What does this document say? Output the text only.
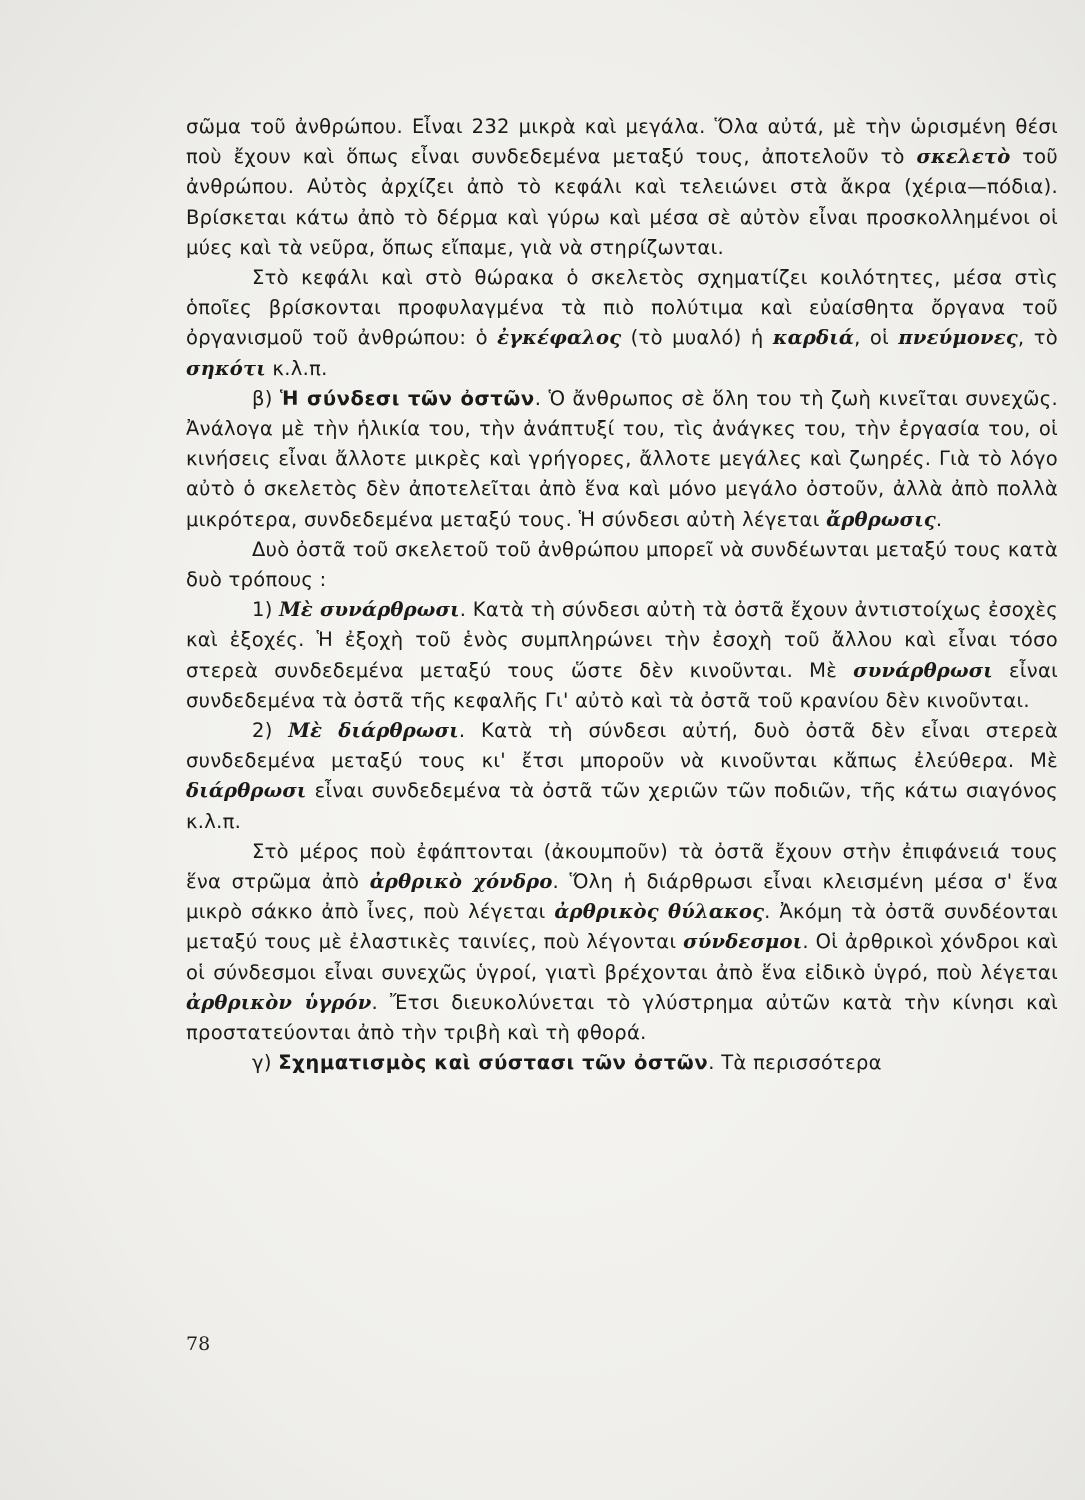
σῶμα τοῦ ἀνθρώπου. Εἶναι 232 μικρὰ καὶ μεγάλα. Ὅλα αὐτά, μὲ τὴν ὡρισμένη θέσι ποὺ ἔχουν καὶ ὅπως εἶναι συνδεδεμένα μεταξύ τους, ἀποτελοῦν τὸ σκελετὸ τοῦ ἀνθρώπου. Αὐτὸς ἀρχίζει ἀπὸ τὸ κεφάλι καὶ τελειώνει στὰ ἄκρα (χέρια—πόδια). Βρίσκεται κάτω ἀπὸ τὸ δέρμα καὶ γύρω καὶ μέσα σὲ αὐτὸν εἶναι προσκολλημένοι οἱ μύες καὶ τὰ νεῦρα, ὅπως εἴπαμε, γιὰ νὰ στηρίζωνται.

Στὸ κεφάλι καὶ στὸ θώρακα ὁ σκελετὸς σχηματίζει κοιλότητες, μέσα στὶς ὁποῖες βρίσκονται προφυλαγμένα τὰ πιὸ πολύτιμα καὶ εὐαίσθητα ὄργανα τοῦ ὀργανισμοῦ τοῦ ἀνθρώπου: ὁ ἐγκέφαλος (τὸ μυαλό) ἡ καρδιά, οἱ πνεύμονες, τὸ σηκότι κ.λ.π.

β) Ἡ σύνδεσι τῶν ὀστῶν. Ὁ ἄνθρωπος σὲ ὅλη του τὴ ζωὴ κινεῖται συνεχῶς. Ἀνάλογα μὲ τὴν ἡλικία του, τὴν ἀνάπτυξί του, τὶς ἀνάγκες του, τὴν ἐργασία του, οἱ κινήσεις εἶναι ἄλλοτε μικρὲς καὶ γρήγορες, ἄλλοτε μεγάλες καὶ ζωηρές. Γιὰ τὸ λόγο αὐτὸ ὁ σκελετὸς δὲν ἀποτελεῖται ἀπὸ ἕνα καὶ μόνο μεγάλο ὀστοῦν, ἀλλὰ ἀπὸ πολλὰ μικρότερα, συνδεδεμένα μεταξύ τους. Ἡ σύνδεσι αὐτὴ λέγεται ἄρθρωσις.

Δυὸ ὀστᾶ τοῦ σκελετοῦ τοῦ ἀνθρώπου μπορεῖ νὰ συνδέωνται μεταξύ τους κατὰ δυὸ τρόπους :

1) Μὲ συνάρθρωσι. Κατὰ τὴ σύνδεσι αὐτὴ τὰ ὀστᾶ ἔχουν ἀντιστοίχως ἐσοχὲς καὶ ἐξοχές. Ἡ ἐξοχὴ τοῦ ἑνὸς συμπληρώνει τὴν ἐσοχὴ τοῦ ἄλλου καὶ εἶναι τόσο στερεὰ συνδεδεμένα μεταξύ τους ὥστε δὲν κινοῦνται. Μὲ συνάρθρωσι εἶναι συνδεδεμένα τὰ ὀστᾶ τῆς κεφαλῆς Γι' αὐτὸ καὶ τὰ ὀστᾶ τοῦ κρανίου δὲν κινοῦνται.

2) Μὲ διάρθρωσι. Κατὰ τὴ σύνδεσι αὐτή, δυὸ ὀστᾶ δὲν εἶναι στερεὰ συνδεδεμένα μεταξύ τους κι' ἔτσι μποροῦν νὰ κινοῦνται κἄπως ἐλεύθερα. Μὲ διάρθρωσι εἶναι συνδεδεμένα τὰ ὀστᾶ τῶν χεριῶν τῶν ποδιῶν, τῆς κάτω σιαγόνος κ.λ.π.

Στὸ μέρος ποὺ ἐφάπτονται (ἀκουμποῦν) τὰ ὀστᾶ ἔχουν στὴν ἐπιφάνειά τους ἕνα στρῶμα ἀπὸ ἀρθρικὸ χόνδρο. Ὅλη ἡ διάρθρωσι εἶναι κλεισμένη μέσα σ' ἕνα μικρὸ σάκκο ἀπὸ ἶνες, ποὺ λέγεται ἀρθρικὸς θύλακος. Ἀκόμη τὰ ὀστᾶ συνδέονται μεταξύ τους μὲ ἐλαστικὲς ταινίες, ποὺ λέγονται σύνδεσμοι. Οἱ ἀρθρικοὶ χόνδροι καὶ οἱ σύνδεσμοι εἶναι συνεχῶς ὑγροί, γιατὶ βρέχονται ἀπὸ ἕνα εἰδικὸ ὑγρό, ποὺ λέγεται ἀρθρικὸν ὑγρόν. Ἔτσι διευκολύνεται τὸ γλύστρημα αὐτῶν κατὰ τὴν κίνησι καὶ προστατεύονται ἀπὸ τὴν τριβὴ καὶ τὴ φθορά.

γ) Σχηματισμὸς καὶ σύστασι τῶν ὀστῶν. Τὰ περισσότερα

78
